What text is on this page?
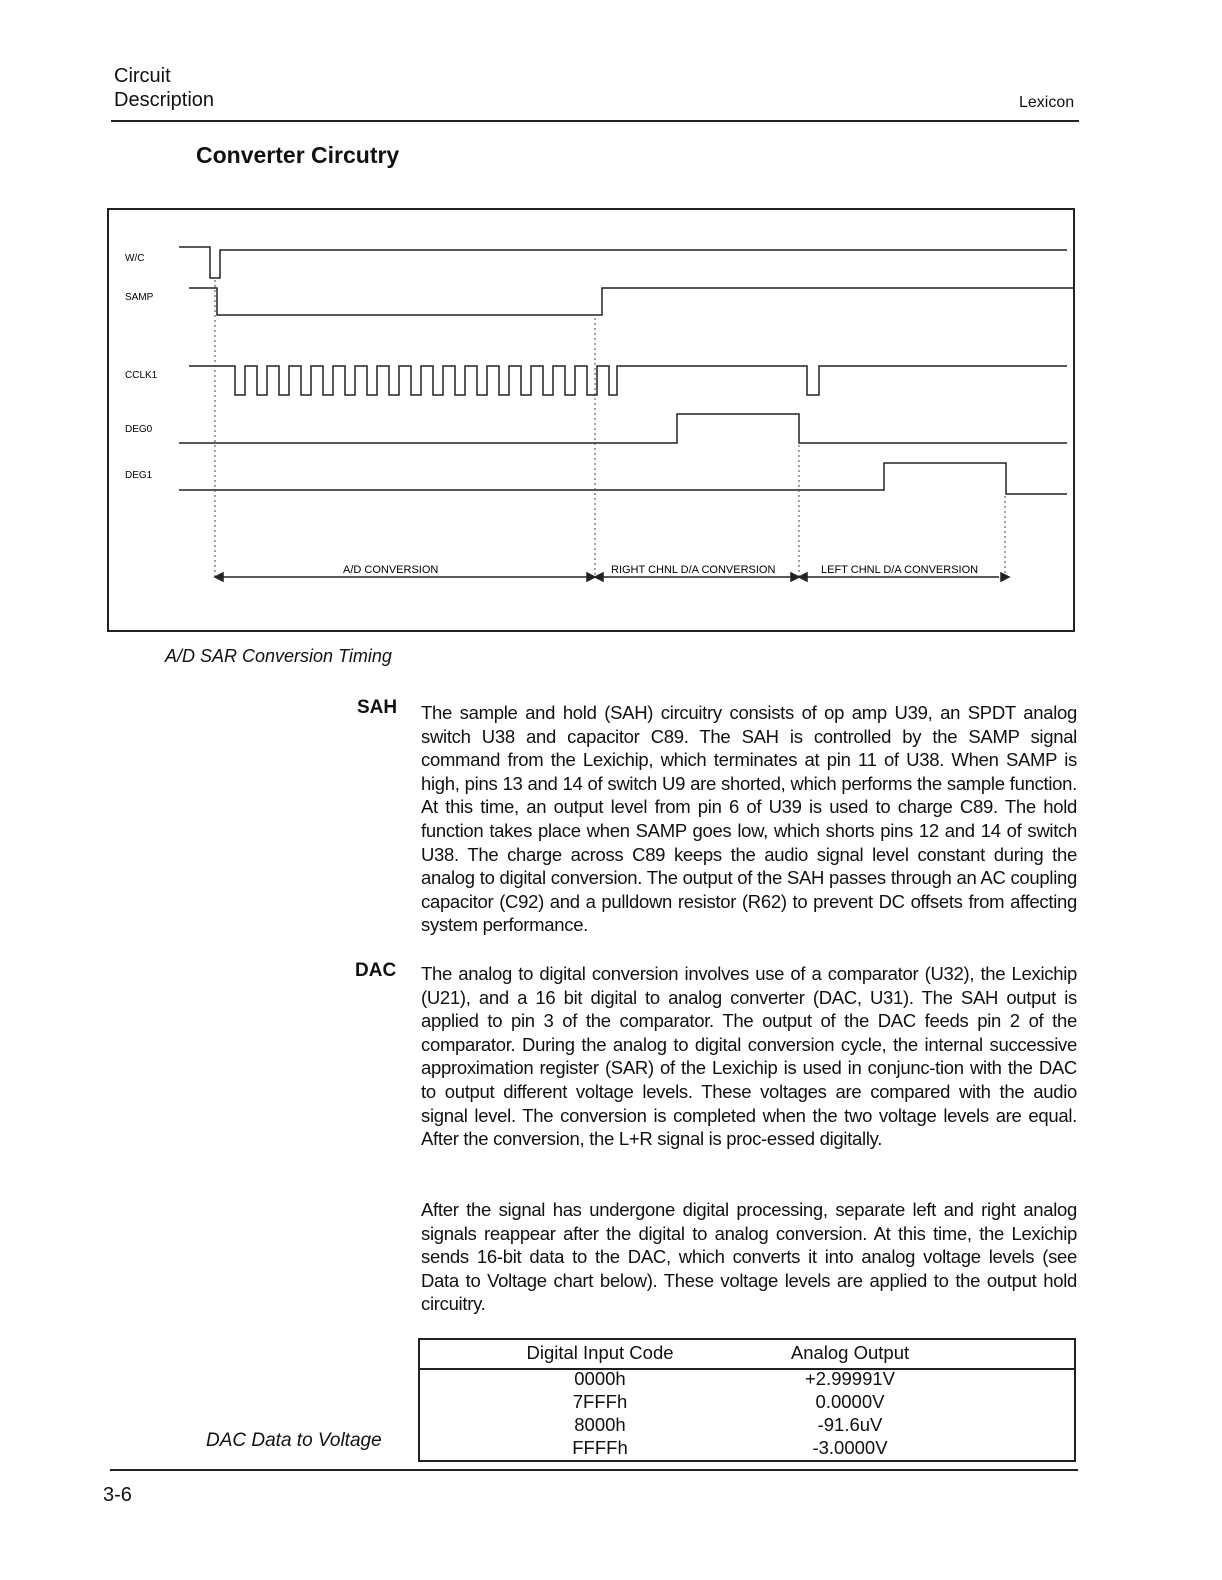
Circuit
Description	Lexicon
Converter Circutry
W/C
SAMP
CCLK1
DEG0
DEG1
A/D CONVERSION	RIGHT CHNL D/A CONVERSION	LEFT CHNL D/A CONVERSION
A/D SAR Conversion Timing
SAH The sample and hold (SAH) circuitry consists of op amp U39, an SPDT analog switch U38 and capacitor C89. The SAH is controlled by the SAMP signal command from the Lexichip, which terminates at pin 11 of U38. When SAMP is high, pins 13 and 14 of switch U9 are shorted, which performs the sample function. At this time, an output level from pin 6 of U39 is used to charge C89. The hold function takes place when SAMP goes low, which shorts pins 12 and 14 of switch U38. The charge across C89 keeps the audio signal level constant during the analog to digital conversion. The output of the SAH passes through an AC coupling capacitor (C92) and a pulldown resistor (R62) to prevent DC offsets from affecting system performance.
DAC The analog to digital conversion involves use of a comparator (U32), the Lexichip (U21), and a 16 bit digital to analog converter (DAC, U31). The SAH output is applied to pin 3 of the comparator. The output of the DAC feeds pin 2 of the comparator. During the analog to digital conversion cycle, the internal successive approximation register (SAR) of the Lexichip is used in conjunc-tion with the DAC to output different voltage levels. These voltages are compared with the audio signal level. The conversion is completed when the two voltage levels are equal. After the conversion, the L+R signal is proc-essed digitally.
After the signal has undergone digital processing, separate left and right analog signals reappear after the digital to analog conversion. At this time, the Lexichip sends 16-bit data to the DAC, which converts it into analog voltage levels (see Data to Voltage chart below). These voltage levels are applied to the output hold circuitry.
Digital Input Code	Analog Output
0000h	+2.99991V
7FFFh	0.0000V
8000h	-91.6uV
FFFFh	-3.0000V
DAC Data to Voltage
3-6
